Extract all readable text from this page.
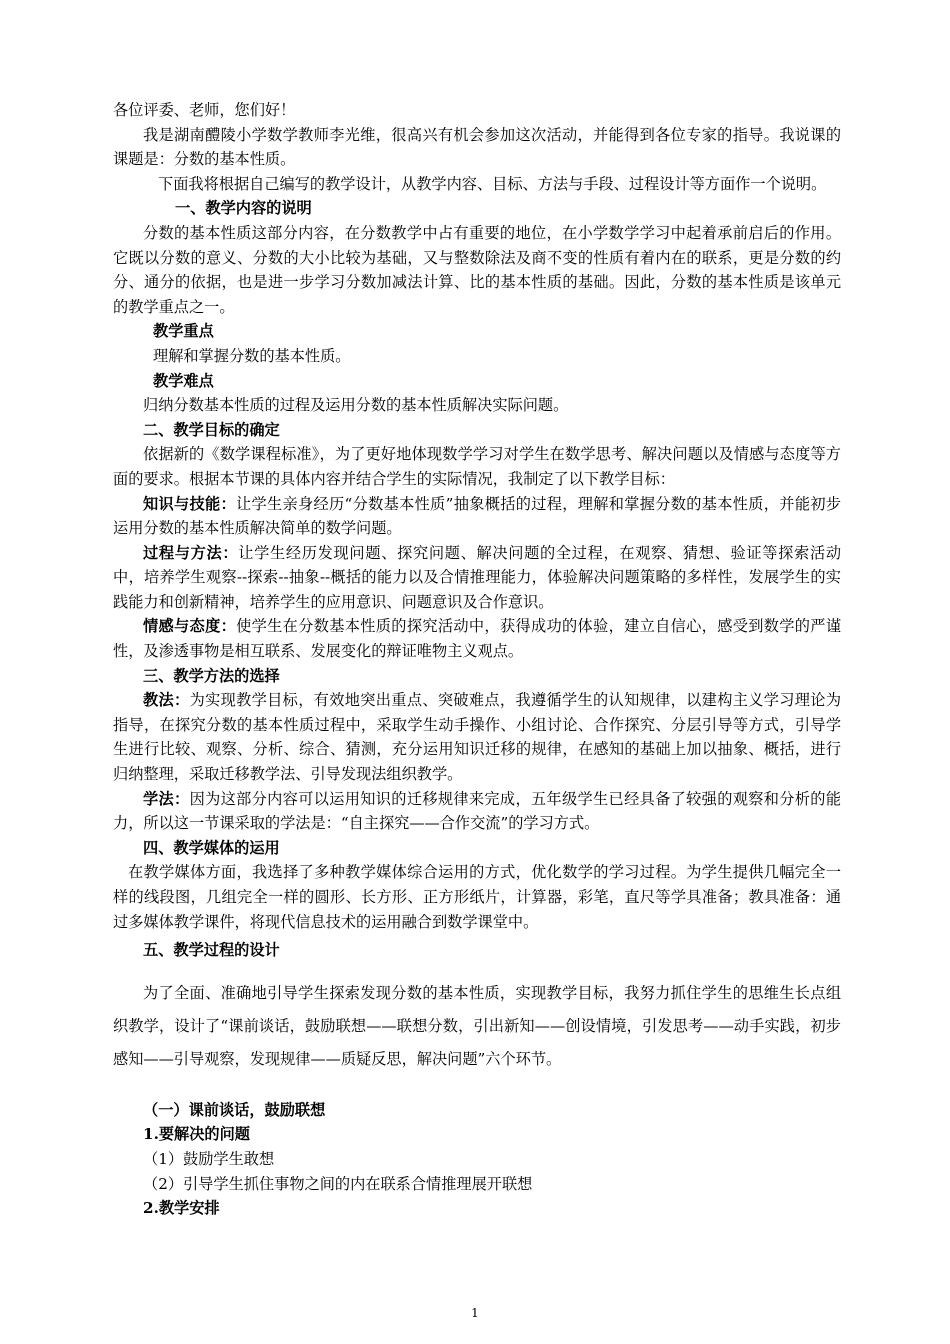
各位评委、老师，您们好！

我是湖南醴陵小学数学教师李光维，很高兴有机会参加这次活动，并能得到各位专家的指导。我说课的课题是：分数的基本性质。

下面我将根据自己编写的教学设计，从教学内容、目标、方法与手段、过程设计等方面作一个说明。

一、教学内容的说明

分数的基本性质这部分内容，在分数教学中占有重要的地位，在小学数学学习中起着承前启后的作用。它既以分数的意义、分数的大小比较为基础，又与整数除法及商不变的性质有着内在的联系，更是分数的约分、通分的依据，也是进一步学习分数加减法计算、比的基本性质的基础。因此，分数的基本性质是该单元的教学重点之一。

教学重点
理解和掌握分数的基本性质。
教学难点
归纳分数基本性质的过程及运用分数的基本性质解决实际问题。
二、教学目标的确定

依据新的《数学课程标准》，为了更好地体现数学学习对学生在数学思考、解决问题以及情感与态度等方面的要求。根据本节课的具体内容并结合学生的实际情况，我制定了以下教学目标：

知识与技能：让学生亲身经历“分数基本性质”抽象概括的过程，理解和掌握分数的基本性质，并能初步运用分数的基本性质解决简单的数学问题。

过程与方法：让学生经历发现问题、探究问题、解决问题的全过程，在观察、猜想、验证等探索活动中，培养学生观察--探索--抽象--概括的能力以及合情推理能力，体验解决问题策略的多样性，发展学生的实践能力和创新精神，培养学生的应用意识、问题意识及合作意识。

情感与态度：使学生在分数基本性质的探究活动中，获得成功的体验，建立自信心，感受到数学的严谨性，及渗透事物是相互联系、发展变化的辩证唯物主义观点。

三、教学方法的选择

教法：为实现教学目标，有效地突出重点、突破难点，我遵循学生的认知规律，以建构主义学习理论为指导，在探究分数的基本性质过程中，采取学生动手操作、小组讨论、合作探究、分层引导等方式，引导学生进行比较、观察、分析、综合、猜测，充分运用知识迁移的规律，在感知的基础上加以抽象、概括，进行归纳整理，采取迁移教学法、引导发现法组织教学。

学法：因为这部分内容可以运用知识的迁移规律来完成，五年级学生已经具备了较强的观察和分析的能力，所以这一节课采取的学法是：“自主探究——合作交流”的学习方式。

四、教学媒体的运用

在教学媒体方面，我选择了多种教学媒体综合运用的方式，优化数学的学习过程。为学生提供几幅完全一样的线段图，几组完全一样的圆形、长方形、正方形纸片，计算器，彩笔，直尺等学具准备；教具准备：通过多媒体教学课件，将现代信息技术的运用融合到数学课堂中。

五、教学过程的设计

为了全面、准确地引导学生探索发现分数的基本性质，实现教学目标，我努力抓住学生的思维生长点组织教学，设计了“课前谈话，鼓励联想——联想分数，引出新知——创设情境，引发思考——动手实践，初步感知——引导观察，发现规律——质疑反思，解决问题”六个环节。

（一）课前谈话，鼓励联想
1.要解决的问题
（1）鼓励学生敢想
（2）引导学生抓住事物之间的内在联系合情推理展开联想
2.教学安排
1
